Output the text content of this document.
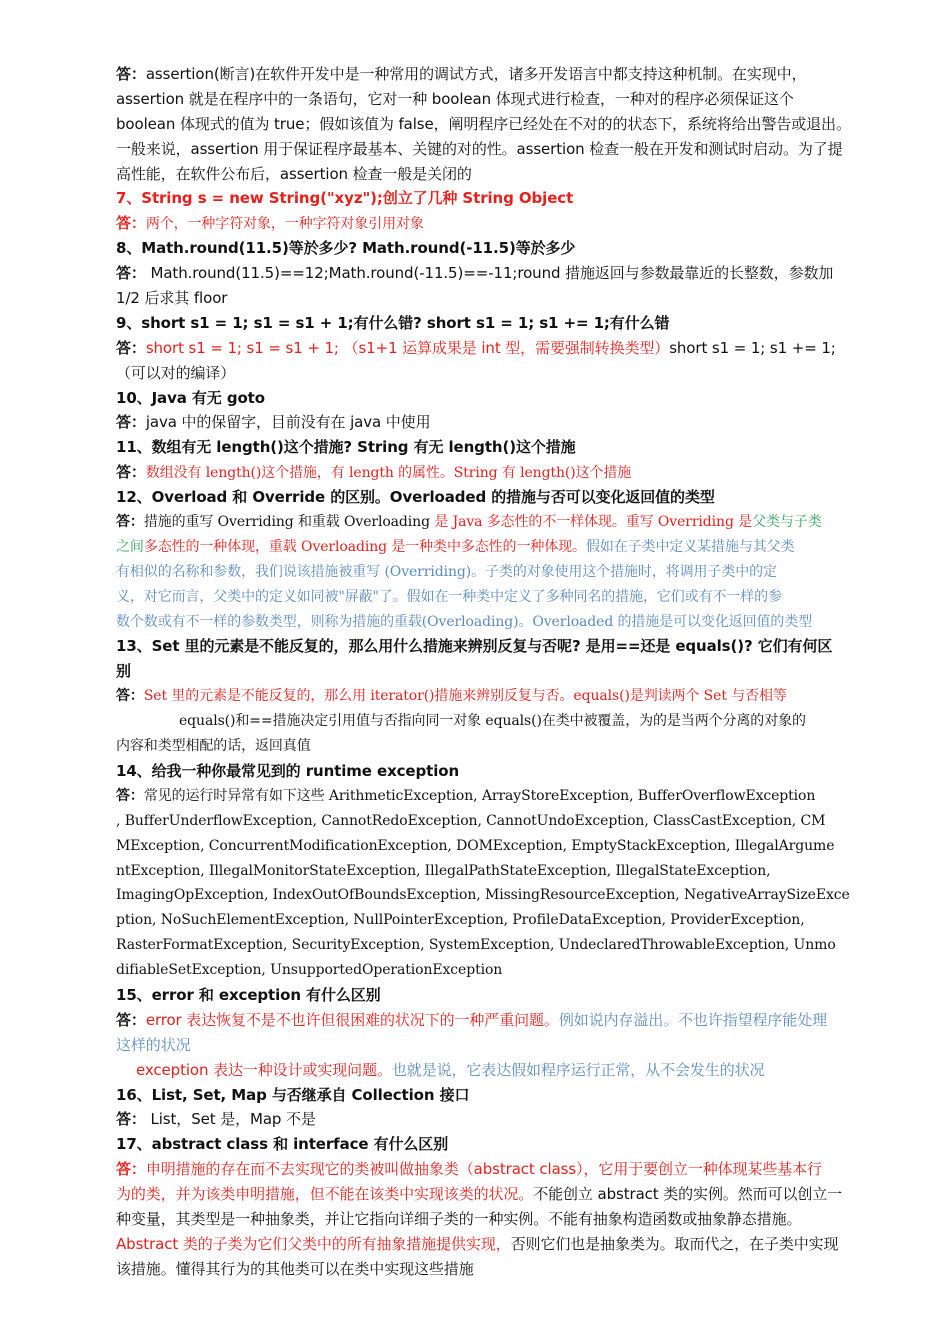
答：assertion(断言)在软件开发中是一种常用的调试方式，诸多开发语言中都支持这种机制。在实现中，
assertion 就是在程序中的一条语句，它对一种 boolean 体现式进行检查，一种对的程序必须保证这个
boolean 体现式的值为 true；假如该值为 false，阐明程序已经处在不对的的状态下，系统将给出警告或退出。
一般来说，assertion 用于保证程序最基本、关键的对的性。assertion 检查一般在开发和测试时启动。为了提
高性能，在软件公布后，assertion 检查一般是关闭的
7、String s = new String("xyz");创立了几种 String Object
答：两个，一种字符对象，一种字符对象引用对象
8、Math.round(11.5)等於多少? Math.round(-11.5)等於多少
答： Math.round(11.5)==12;Math.round(-11.5)==-11;round 措施返回与参数最靠近的长整数，参数加
1/2 后求其 floor
9、short s1 = 1; s1 = s1 + 1;有什么错? short s1 = 1; s1 += 1;有什么错
答：short s1 = 1; s1 = s1 + 1; （s1+1 运算成果是 int 型，需要强制转换类型）short s1 = 1; s1 += 1;
（可以对的编译）
10、Java 有无 goto
答：java 中的保留字，目前没有在 java 中使用
11、数组有无 length()这个措施? String 有无 length()这个措施
答：数组没有 length()这个措施，有 length 的属性。String 有 length()这个措施
12、Overload 和 Override 的区别。Overloaded 的措施与否可以变化返回值的类型
答：措施的重写 Overriding 和重载 Overloading 是 Java 多态性的不一样体现。重写 Overriding 是父类与子类
之间多态性的一种体现，重载 Overloading 是一种类中多态性的一种体现。假如在子类中定义某措施与其父类
有相似的名称和参数，我们说该措施被重写 (Overriding)。子类的对象使用这个措施时，将调用子类中的定
义，对它而言，父类中的定义如同被"屏蔽"了。假如在一种类中定义了多种同名的措施，它们或有不一样的参
数个数或有不一样的参数类型，则称为措施的重载(Overloading)。Overloaded 的措施是可以变化返回值的类型
13、Set 里的元素是不能反复的，那么用什么措施来辨别反复与否呢? 是用==还是 equals()? 它们有何区
别
答：Set 里的元素是不能反复的，那么用 iterator()措施来辨别反复与否。equals()是判读两个 Set 与否相等
equals()和==措施决定引用值与否指向同一对象 equals()在类中被覆盖，为的是当两个分离的对象的
内容和类型相配的话，返回真值
14、给我一种你最常见到的 runtime exception
答：常见的运行时异常有如下这些 ArithmeticException, ArrayStoreException, BufferOverflowException
, BufferUnderflowException, CannotRedoException, CannotUndoException, ClassCastException, CM
MException, ConcurrentModificationException, DOMException, EmptyStackException, IllegalArgume
ntException, IllegalMonitorStateException, IllegalPathStateException, IllegalStateException,
ImagingOpException, IndexOutOfBoundsException, MissingResourceException, NegativeArraySizeExce
ption, NoSuchElementException, NullPointerException, ProfileDataException, ProviderException,
RasterFormatException, SecurityException, SystemException, UndeclaredThrowableException, Unmo
difiableSetException, UnsupportedOperationException
15、error 和 exception 有什么区别
答：error 表达恢复不是不也许但很困难的状况下的一种严重问题。例如说内存溢出。不也许指望程序能处理
这样的状况
exception 表达一种设计或实现问题。也就是说，它表达假如程序运行正常，从不会发生的状况
16、List, Set, Map 与否继承自 Collection 接口
答： List，Set 是，Map 不是
17、abstract class 和 interface 有什么区别
答：申明措施的存在而不去实现它的类被叫做抽象类（abstract class），它用于要创立一种体现某些基本行
为的类，并为该类申明措施，但不能在该类中实现该类的状况。不能创立 abstract 类的实例。然而可以创立一
种变量，其类型是一种抽象类，并让它指向详细子类的一种实例。不能有抽象构造函数或抽象静态措施。
Abstract 类的子类为它们父类中的所有抽象措施提供实现，否则它们也是抽象类为。取而代之，在子类中实现
该措施。懂得其行为的其他类可以在类中实现这些措施
